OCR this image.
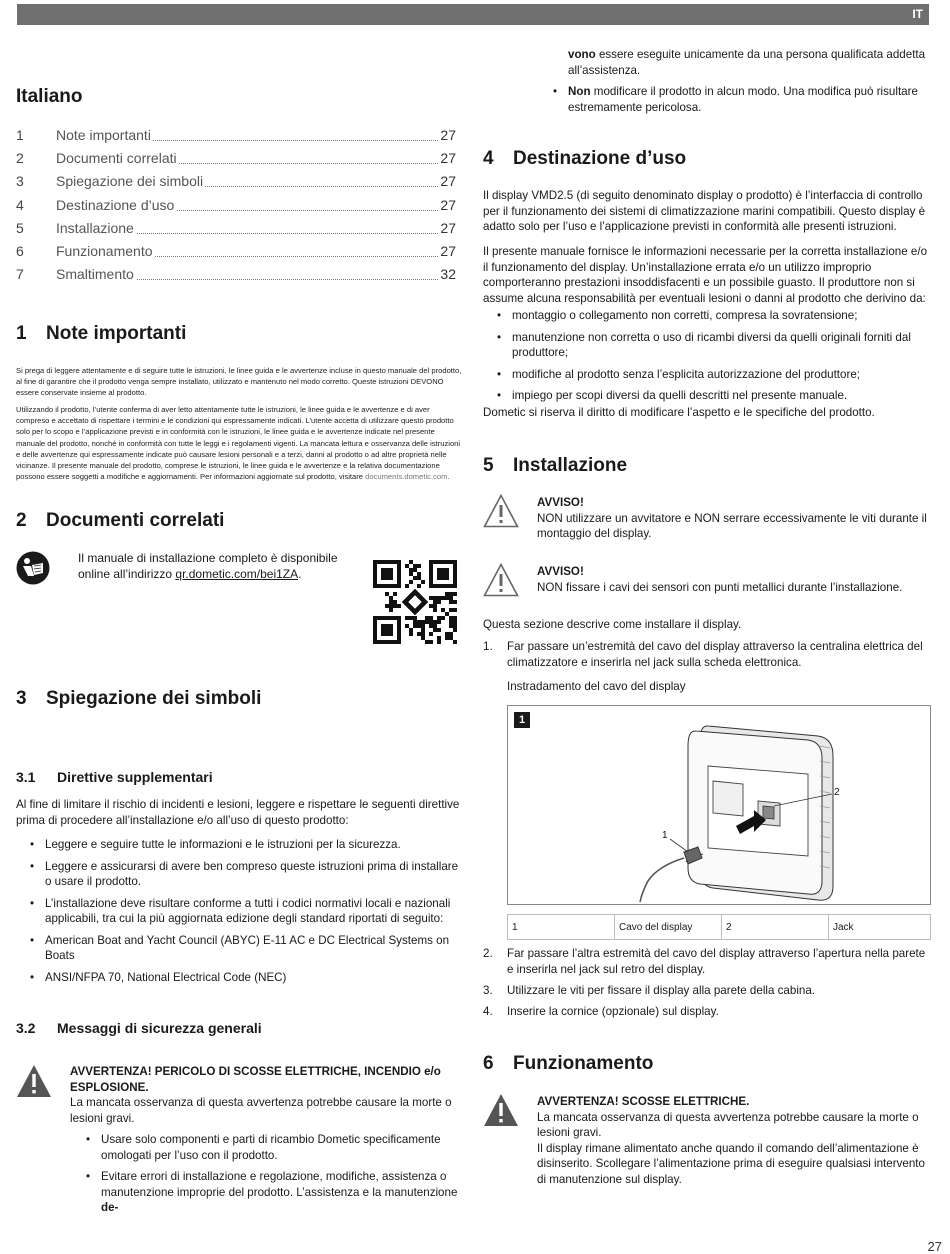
IT
Italiano
1 Note importanti	27
2 Documenti correlati	27
3 Spiegazione dei simboli	27
4 Destinazione d’uso	27
5 Installazione	27
6 Funzionamento	27
7 Smaltimento	32
1 Note importanti

Si prega di leggere attentamente e di seguire tutte le istruzioni, le linee guida e le avvertenze incluse in questo manuale del prodotto, al fine di garantire che il prodotto venga sempre installato, utilizzato e mantenuto nel modo corretto. Queste istruzioni DEVONO essere conservate insieme al prodotto.

Utilizzando il prodotto, l’utente conferma di aver letto attentamente tutte le istruzioni, le linee guida e le avvertenze e di aver compreso e accettato di rispettare i termini e le condizioni qui espressamente indicati. L’utente accetta di utilizzare questo prodotto solo per lo scopo e l’applicazione previsti e in conformità con le istruzioni, le linee guida e le avvertenze indicate nel presente manuale del prodotto, nonché in conformità con tutte le leggi e i regolamenti vigenti. La mancata lettura e osservanza delle istruzioni e delle avvertenze qui espressamente indicate può causare lesioni personali e a terzi, danni al prodotto o ad altre proprietà nelle vicinanze. Il presente manuale del prodotto, comprese le istruzioni, le linee guida e le avvertenze e la relativa documentazione possono essere soggetti a modifiche e aggiornamenti. Per informazioni aggiornate sul prodotto, visitare documents.dometic.com.

2 Documenti correlati

Il manuale di installazione completo è disponibile online all’indirizzo qr.dometic.com/bei1ZA.

3 Spiegazione dei simboli
3.1 Direttive supplementari

Al fine di limitare il rischio di incidenti e lesioni, leggere e rispettare le seguenti direttive prima di procedere all’installazione e/o all’uso di questo prodotto:

• Leggere e seguire tutte le informazioni e le istruzioni per la sicurezza.
• Leggere e assicurarsi di avere ben compreso queste istruzioni prima di installare o usare il prodotto.
• L’installazione deve risultare conforme a tutti i codici normativi locali e nazionali applicabili, tra cui la più aggiornata edizione degli standard riportati di seguito:
• American Boat and Yacht Council (ABYC) E-11 AC e DC Electrical Systems on Boats
• ANSI/NFPA 70, National Electrical Code (NEC)
3.2 Messaggi di sicurezza generali

AVVERTENZA! PERICOLO DI SCOSSE ELETTRICHE, INCENDIO e/o ESPLOSIONE.

La mancata osservanza di questa avvertenza potrebbe causare la morte o lesioni gravi.

• Usare solo componenti e parti di ricambio Dometic specificamente omologati per l’uso con il prodotto.
• Evitare errori di installazione e regolazione, modifiche, assistenza o manutenzione improprie del prodotto. L’assistenza e la manutenzione de-
vono essere eseguite unicamente da una persona qualificata addetta all’assistenza.
• Non modificare il prodotto in alcun modo. Una modifica può risultare estremamente pericolosa.
4 Destinazione d’uso

Il display VMD2.5 (di seguito denominato display o prodotto) è l’interfaccia di controllo per il funzionamento dei sistemi di climatizzazione marini compatibili. Questo display è adatto solo per l’uso e l’applicazione previsti in conformità alle presenti istruzioni.

Il presente manuale fornisce le informazioni necessarie per la corretta installazione e/o il funzionamento del display. Un’installazione errata e/o un utilizzo improprio comporteranno prestazioni insoddisfacenti e un possibile guasto. Il produttore non si assume alcuna responsabilità per eventuali lesioni o danni al prodotto che derivino da:

• montaggio o collegamento non corretti, compresa la sovratensione;
• manutenzione non corretta o uso di ricambi diversi da quelli originali forniti dal produttore;
• modifiche al prodotto senza l’esplicita autorizzazione del produttore;
• impiego per scopi diversi da quelli descritti nel presente manuale.

Dometic si riserva il diritto di modificare l’aspetto e le specifiche del prodotto.

5 Installazione

AVVISO!

NON utilizzare un avvitatore e NON serrare eccessivamente le viti durante il montaggio del display.

AVVISO!

NON fissare i cavi dei sensori con punti metallici durante l’installazione.

Questa sezione descrive come installare il display.

1. Far passare un’estremità del cavo del display attraverso la centralina elettrica del climatizzatore e inserirla nel jack sulla scheda elettronica.

Instradamento del cavo del display

1
1
2
1	Cavo del display	2	Jack
2. Far passare l’altra estremità del cavo del display attraverso l’apertura nella parete e inserirla nel jack sul retro del display.

3. Utilizzare le viti per fissare il display alla parete della cabina.

4. Inserire la cornice (opzionale) sul display.

6 Funzionamento

AVVERTENZA! SCOSSE ELETTRICHE.

La mancata osservanza di questa avvertenza potrebbe causare la morte o lesioni gravi.

Il display rimane alimentato anche quando il comando dell’alimentazione è disinserito. Scollegare l’alimentazione prima di eseguire qualsiasi intervento di manutenzione sul display.

27
